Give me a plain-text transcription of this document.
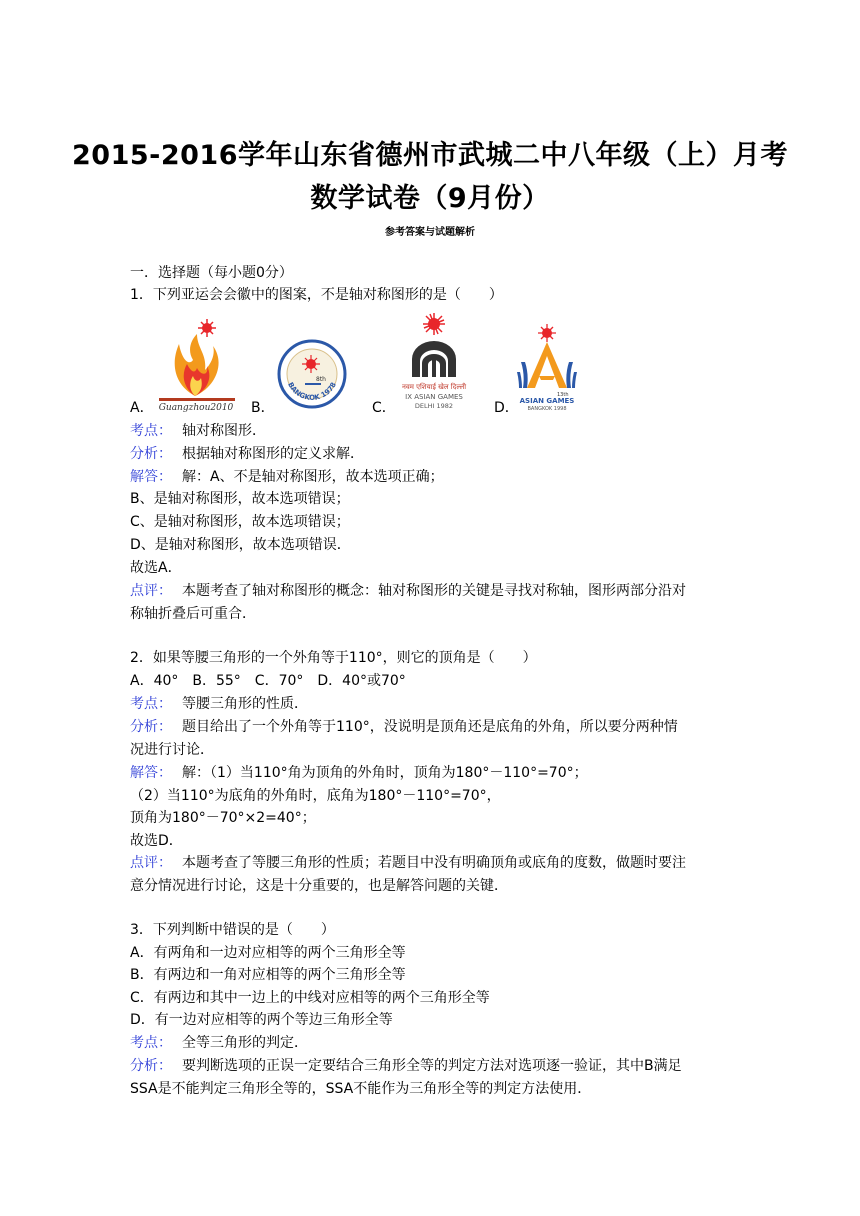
2015-2016学年山东省德州市武城二中八年级（上）月考
数学试卷（9月份）
参考答案与试题解析
一．选择题（每小题0分）
1．下列亚运会会徽中的图案，不是轴对称图形的是（　　）
A．	B．	C．	D．
Guangzhou2010
8th
BANGKOK 1978	नवम एशियाई खेल दिल्ली
IX ASIAN GAMES
DELHI 1982
13th
ASIAN GAMES
BANGKOK 1998
考点： 轴对称图形．
分析： 根据轴对称图形的定义求解．
解答： 解：A、不是轴对称图形，故本选项正确；
B、是轴对称图形，故本选项错误；
C、是轴对称图形，故本选项错误；
D、是轴对称图形，故本选项错误．
故选A．
点评： 本题考查了轴对称图形的概念：轴对称图形的关键是寻找对称轴，图形两部分沿对
称轴折叠后可重合．
2．如果等腰三角形的一个外角等于110°，则它的顶角是（　　）
A．40°　B．55°　C．70°　D．40°或70°
考点： 等腰三角形的性质．
分析： 题目给出了一个外角等于110°，没说明是顶角还是底角的外角，所以要分两种情
况进行讨论．
解答： 解：（1）当110°角为顶角的外角时，顶角为180°－110°=70°；
（2）当110°为底角的外角时，底角为180°－110°=70°，
顶角为180°－70°×2=40°；
故选D．
点评： 本题考查了等腰三角形的性质；若题目中没有明确顶角或底角的度数，做题时要注
意分情况进行讨论，这是十分重要的，也是解答问题的关键．
3．下列判断中错误的是（　　）
A．有两角和一边对应相等的两个三角形全等
B．有两边和一角对应相等的两个三角形全等
C．有两边和其中一边上的中线对应相等的两个三角形全等
D．有一边对应相等的两个等边三角形全等
考点： 全等三角形的判定．
分析： 要判断选项的正误一定要结合三角形全等的判定方法对选项逐一验证，其中B满足
SSA是不能判定三角形全等的，SSA不能作为三角形全等的判定方法使用．
